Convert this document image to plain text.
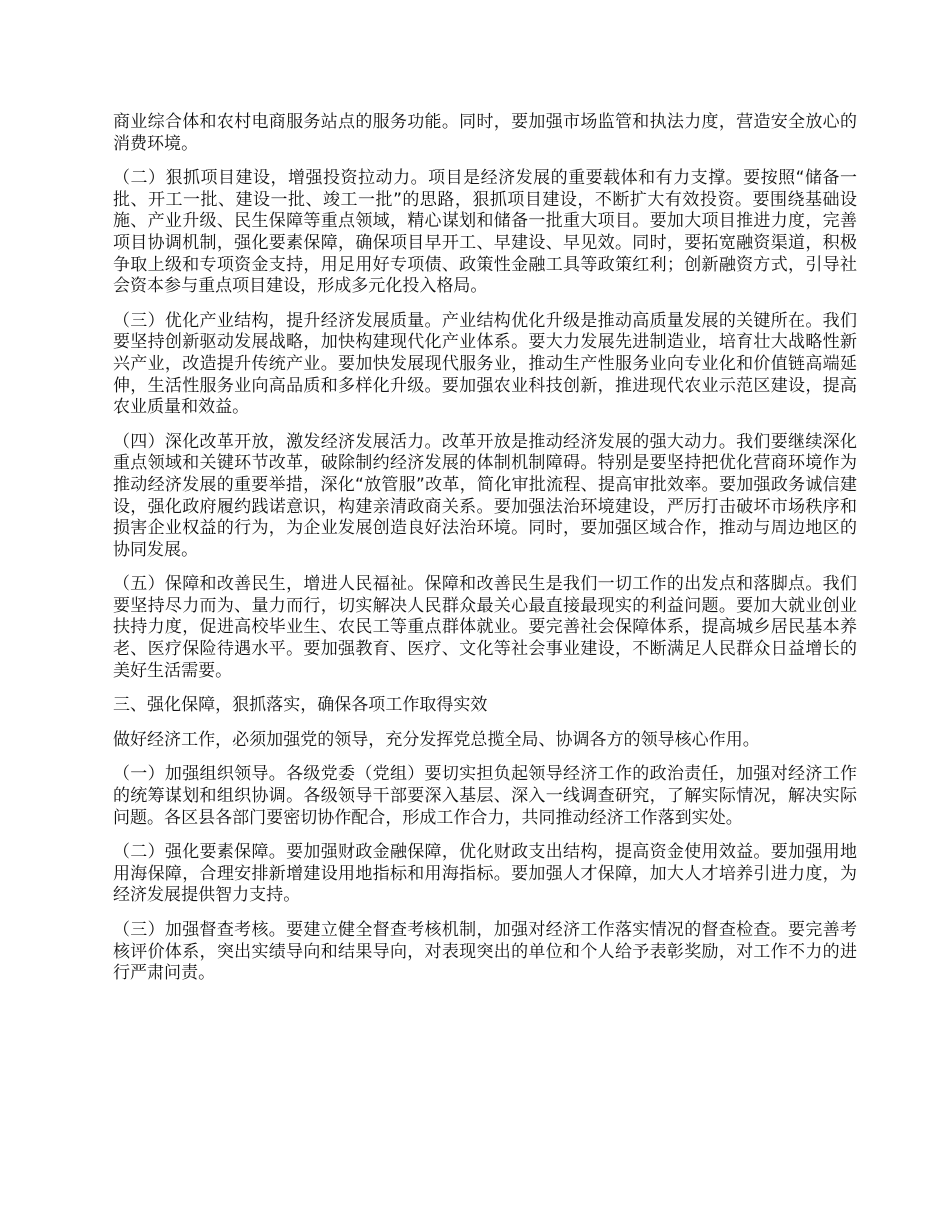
商业综合体和农村电商服务站点的服务功能。同时，要加强市场监管和执法力度，营造安全放心的消费环境。

（二）狠抓项目建设，增强投资拉动力。项目是经济发展的重要载体和有力支撑。要按照“储备一批、开工一批、建设一批、竣工一批”的思路，狠抓项目建设，不断扩大有效投资。要围绕基础设施、产业升级、民生保障等重点领域，精心谋划和储备一批重大项目。要加大项目推进力度，完善项目协调机制，强化要素保障，确保项目早开工、早建设、早见效。同时，要拓宽融资渠道，积极争取上级和专项资金支持，用足用好专项债、政策性金融工具等政策红利；创新融资方式，引导社会资本参与重点项目建设，形成多元化投入格局。

（三）优化产业结构，提升经济发展质量。产业结构优化升级是推动高质量发展的关键所在。我们要坚持创新驱动发展战略，加快构建现代化产业体系。要大力发展先进制造业，培育壮大战略性新兴产业，改造提升传统产业。要加快发展现代服务业，推动生产性服务业向专业化和价值链高端延伸，生活性服务业向高品质和多样化升级。要加强农业科技创新，推进现代农业示范区建设，提高农业质量和效益。

（四）深化改革开放，激发经济发展活力。改革开放是推动经济发展的强大动力。我们要继续深化重点领域和关键环节改革，破除制约经济发展的体制机制障碍。特别是要坚持把优化营商环境作为推动经济发展的重要举措，深化“放管服”改革，简化审批流程、提高审批效率。要加强政务诚信建设，强化政府履约践诺意识，构建亲清政商关系。要加强法治环境建设，严厉打击破坏市场秩序和损害企业权益的行为，为企业发展创造良好法治环境。同时，要加强区域合作，推动与周边地区的协同发展。

（五）保障和改善民生，增进人民福祉。保障和改善民生是我们一切工作的出发点和落脚点。我们要坚持尽力而为、量力而行，切实解决人民群众最关心最直接最现实的利益问题。要加大就业创业扶持力度，促进高校毕业生、农民工等重点群体就业。要完善社会保障体系，提高城乡居民基本养老、医疗保险待遇水平。要加强教育、医疗、文化等社会事业建设，不断满足人民群众日益增长的美好生活需要。

三、强化保障，狠抓落实，确保各项工作取得实效

做好经济工作，必须加强党的领导，充分发挥党总揽全局、协调各方的领导核心作用。

（一）加强组织领导。各级党委（党组）要切实担负起领导经济工作的政治责任，加强对经济工作的统筹谋划和组织协调。各级领导干部要深入基层、深入一线调查研究，了解实际情况，解决实际问题。各区县各部门要密切协作配合，形成工作合力，共同推动经济工作落到实处。

（二）强化要素保障。要加强财政金融保障，优化财政支出结构，提高资金使用效益。要加强用地用海保障，合理安排新增建设用地指标和用海指标。要加强人才保障，加大人才培养引进力度，为经济发展提供智力支持。

（三）加强督查考核。要建立健全督查考核机制，加强对经济工作落实情况的督查检查。要完善考核评价体系，突出实绩导向和结果导向，对表现突出的单位和个人给予表彰奖励，对工作不力的进行严肃问责。
